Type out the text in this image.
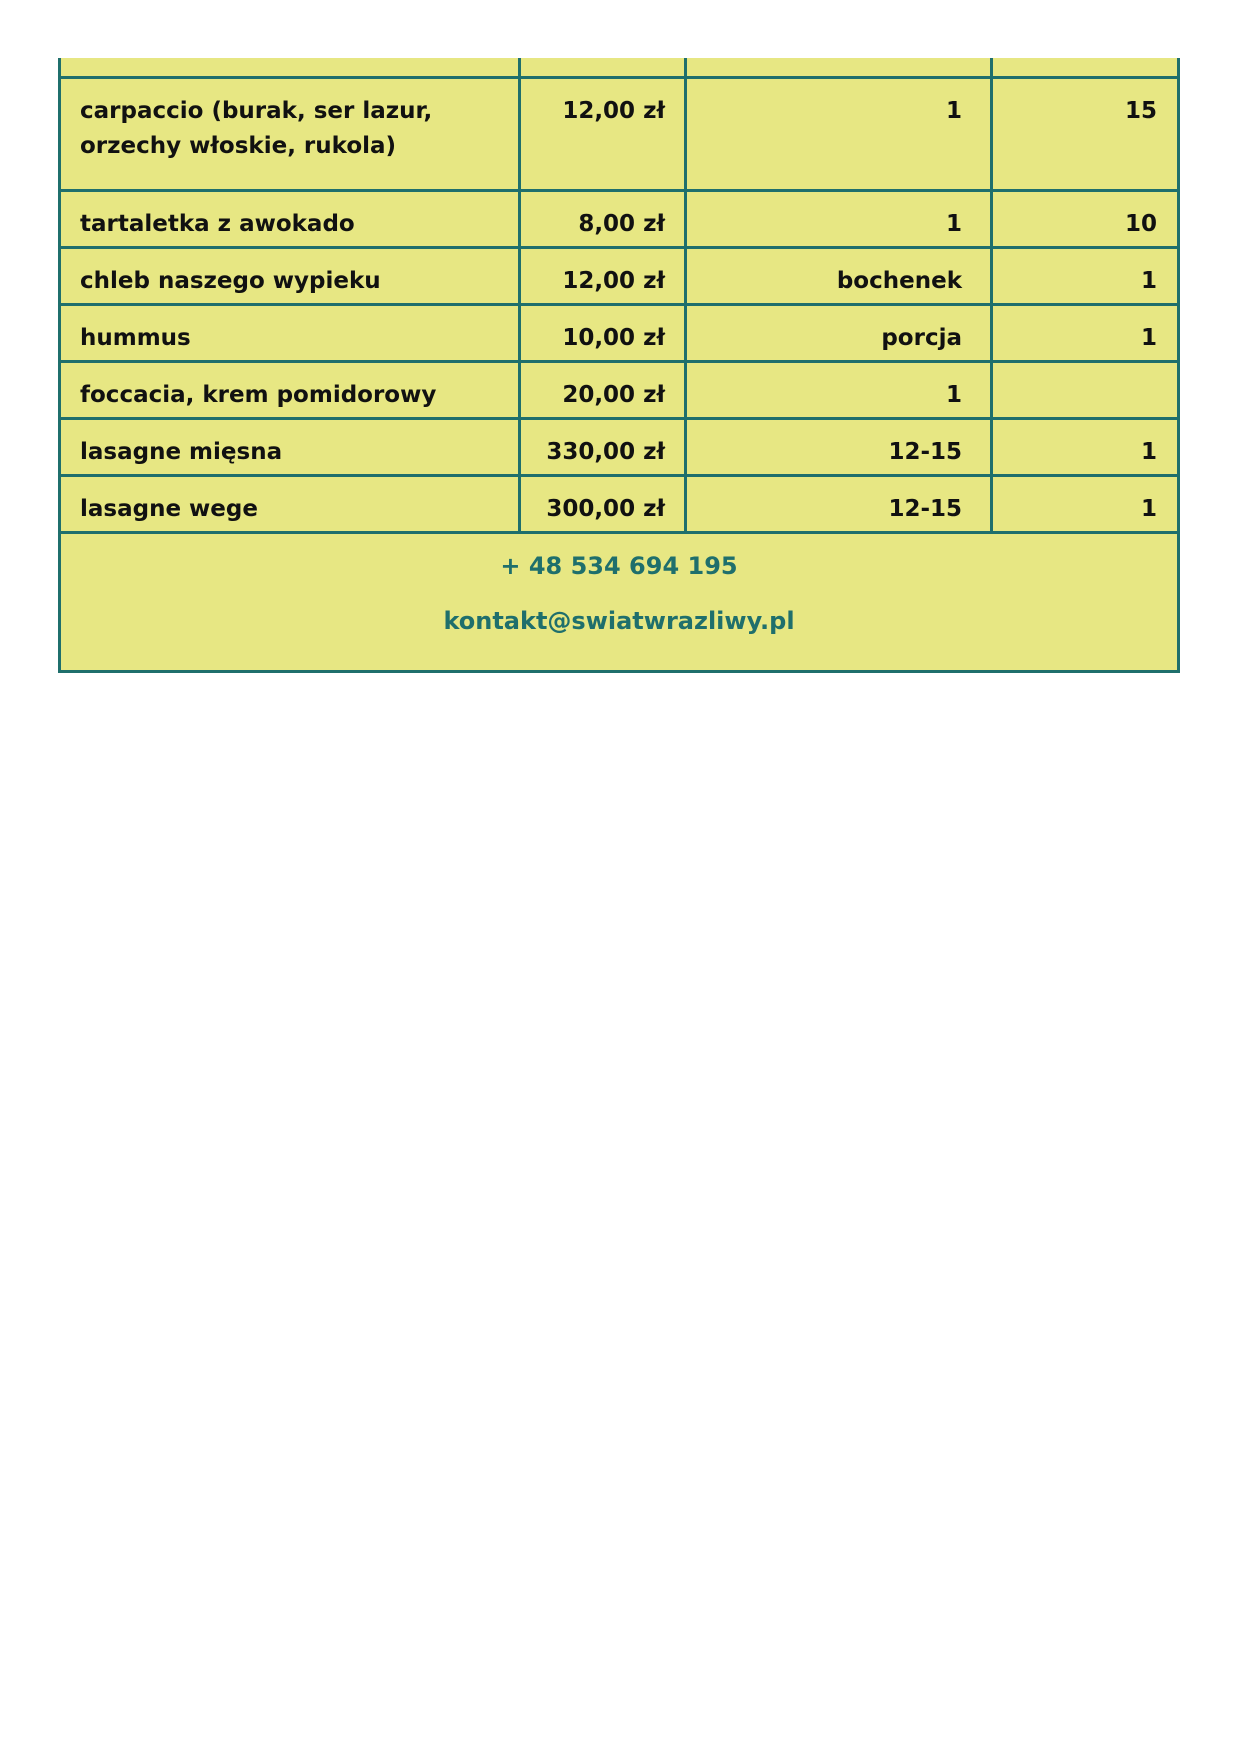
carpaccio (burak, ser lazur, orzechy włoskie, rukola)	12,00 zł	1	15
tartaletka z awokado	8,00 zł	1	10
chleb naszego wypieku	12,00 zł	bochenek	1
hummus	10,00 zł	porcja	1
foccacia, krem pomidorowy	20,00 zł	1	
lasagne mięsna	330,00 zł	12-15	1
lasagne wege	300,00 zł	12-15	1

+ 48 534 694 195
kontakt@swiatwrazliwy.pl			
